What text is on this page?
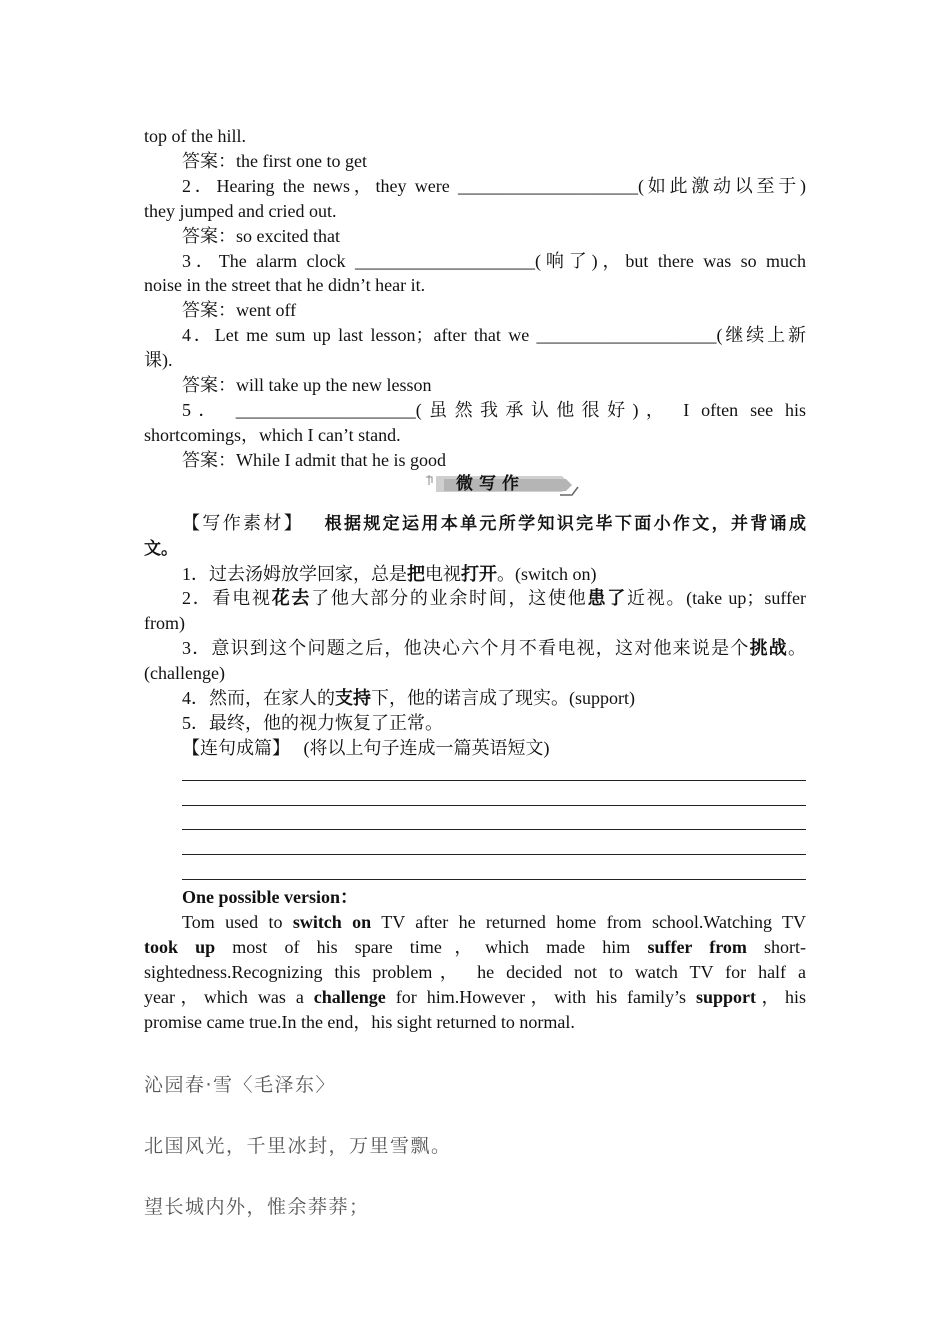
top of the hill.

答案：the first one to get

2．Hearing the news，they were ____________________(如此激动以至于)

they jumped and cried out.

答案：so excited that

3．The alarm clock ____________________(响了)，but there was so much

noise in the street that he didn’t hear it.

答案：went off

4．Let me sum up last lesson；after that we ____________________(继续上新

课).

答案：will take up the new lesson

5． ____________________(虽然我承认他很好)， I often see his

shortcomings，which I can’t stand.

答案：While I admit that he is good

微写作

【写作素材】 根据规定运用本单元所学知识完毕下面小作文，并背诵成

文。

1．过去汤姆放学回家，总是把电视打开。(switch on)

2．看电视花去了他大部分的业余时间，这使他患了近视。(take up；suffer

from)

3．意识到这个问题之后，他决心六个月不看电视，这对他来说是个挑战。

(challenge)

4．然而，在家人的支持下，他的诺言成了现实。(support)

5．最终，他的视力恢复了正常。

【连句成篇】 (将以上句子连成一篇英语短文)

One possible version：

Tom used to switch on TV after he returned home from school.Watching TV

took up most of his spare time，which made him suffer from short-

sightedness.Recognizing this problem， he decided not to watch TV for half a

year，which was a challenge for him.However，with his family’s support，his

promise came true.In the end，his sight returned to normal.

沁园春·雪〈毛泽东〉

北国风光，千里冰封，万里雪飘。

望长城内外，惟余莽莽；
